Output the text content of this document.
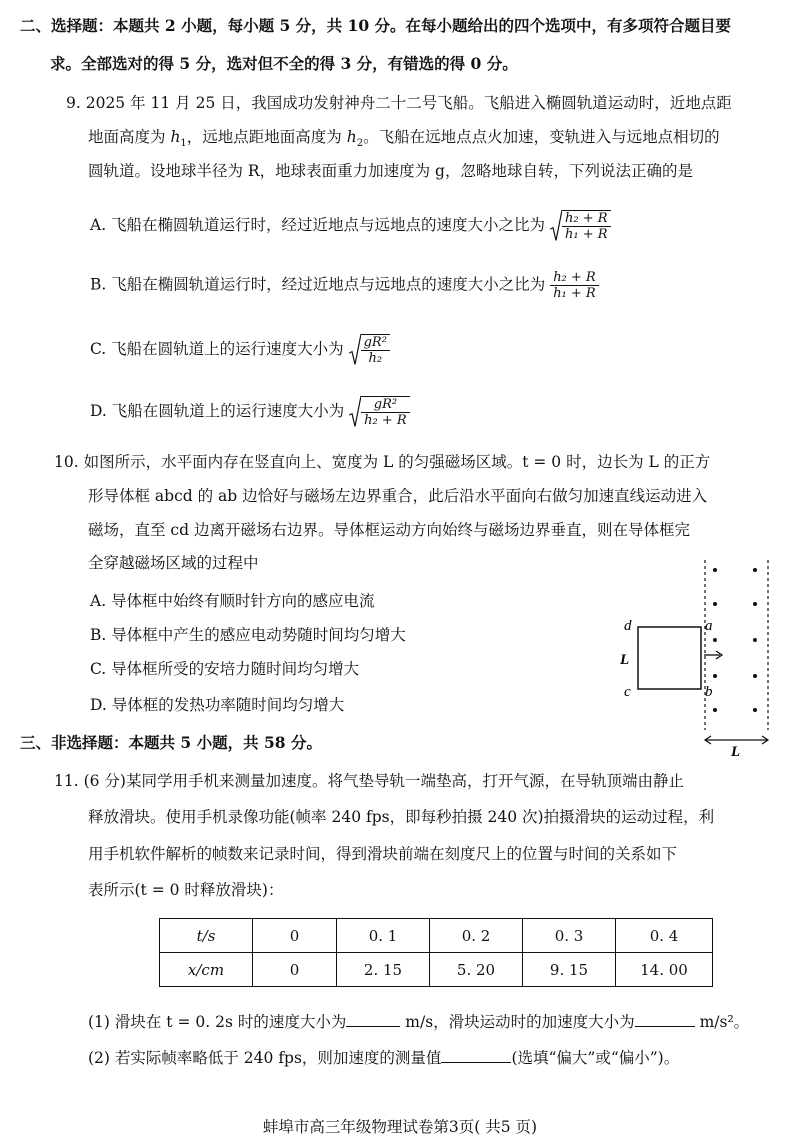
二、选择题：本题共 2 小题，每小题 5 分，共 10 分。在每小题给出的四个选项中，有多项符合题目要
求。全部选对的得 5 分，选对但不全的得 3 分，有错选的得 0 分。
9. 2025 年 11 月 25 日，我国成功发射神舟二十二号飞船。飞船进入椭圆轨道运动时，近地点距
地面高度为 $h_1$，远地点距地面高度为 $h_2$。飞船在远地点点火加速，变轨进入与远地点相切的
圆轨道。设地球半径为 R，地球表面重力加速度为 g，忽略地球自转，下列说法正确的是
A. 飞船在椭圆轨道运行时，经过近地点与远地点的速度大小之比为 $\frac{\text{h₂ + R}}{\text{h₁ + R}}$
B. 飞船在椭圆轨道运行时，经过近地点与远地点的速度大小之比为 $\frac{\text{h₂ + R}}{\text{h₁ + R}}$
C. 飞船在圆轨道上的运行速度大小为 $\frac{\text{gR²}}{\text{h₂}}$
D. 飞船在圆轨道上的运行速度大小为 $\frac{\text{gR²}}{\text{h₂ + R}}$
10. 如图所示，水平面内存在竖直向上、宽度为 L 的匀强磁场区域。t = 0 时，边长为 L 的正方
形导体框 abcd 的 ab 边恰好与磁场左边界重合，此后沿水平面向右做匀加速直线运动进入
磁场，直至 cd 边离开磁场右边界。导体框运动方向始终与磁场边界垂直，则在导体框完
全穿越磁场区域的过程中
A. 导体框中始终有顺时针方向的感应电流
B. 导体框中产生的感应电动势随时间均匀增大
C. 导体框所受的安培力随时间均匀增大
D. 导体框的发热功率随时间均匀增大
d	a
c	b
L
L
三、非选择题：本题共 5 小题，共 58 分。
11. (6 分)某同学用手机来测量加速度。将气垫导轨一端垫高，打开气源，在导轨顶端由静止
释放滑块。使用手机录像功能(帧率 240 fps，即每秒拍摄 240 次)拍摄滑块的运动过程，利
用手机软件解析的帧数来记录时间，得到滑块前端在刻度尺上的位置与时间的关系如下
表所示(t = 0 时释放滑块)：
t/s	0	0. 1	0. 2	0. 3	0. 4
x/cm	0	2. 15	5. 20	9. 15	14. 00
(1) 滑块在 t = 0. 2s 时的速度大小为	m/s，滑块运动时的加速度大小为	m/s²。
(2) 若实际帧率略低于 240 fps，则加速度的测量值	(选填“偏大”或“偏小”)。
蚌埠市高三年级物理试卷第3页( 共5 页)
